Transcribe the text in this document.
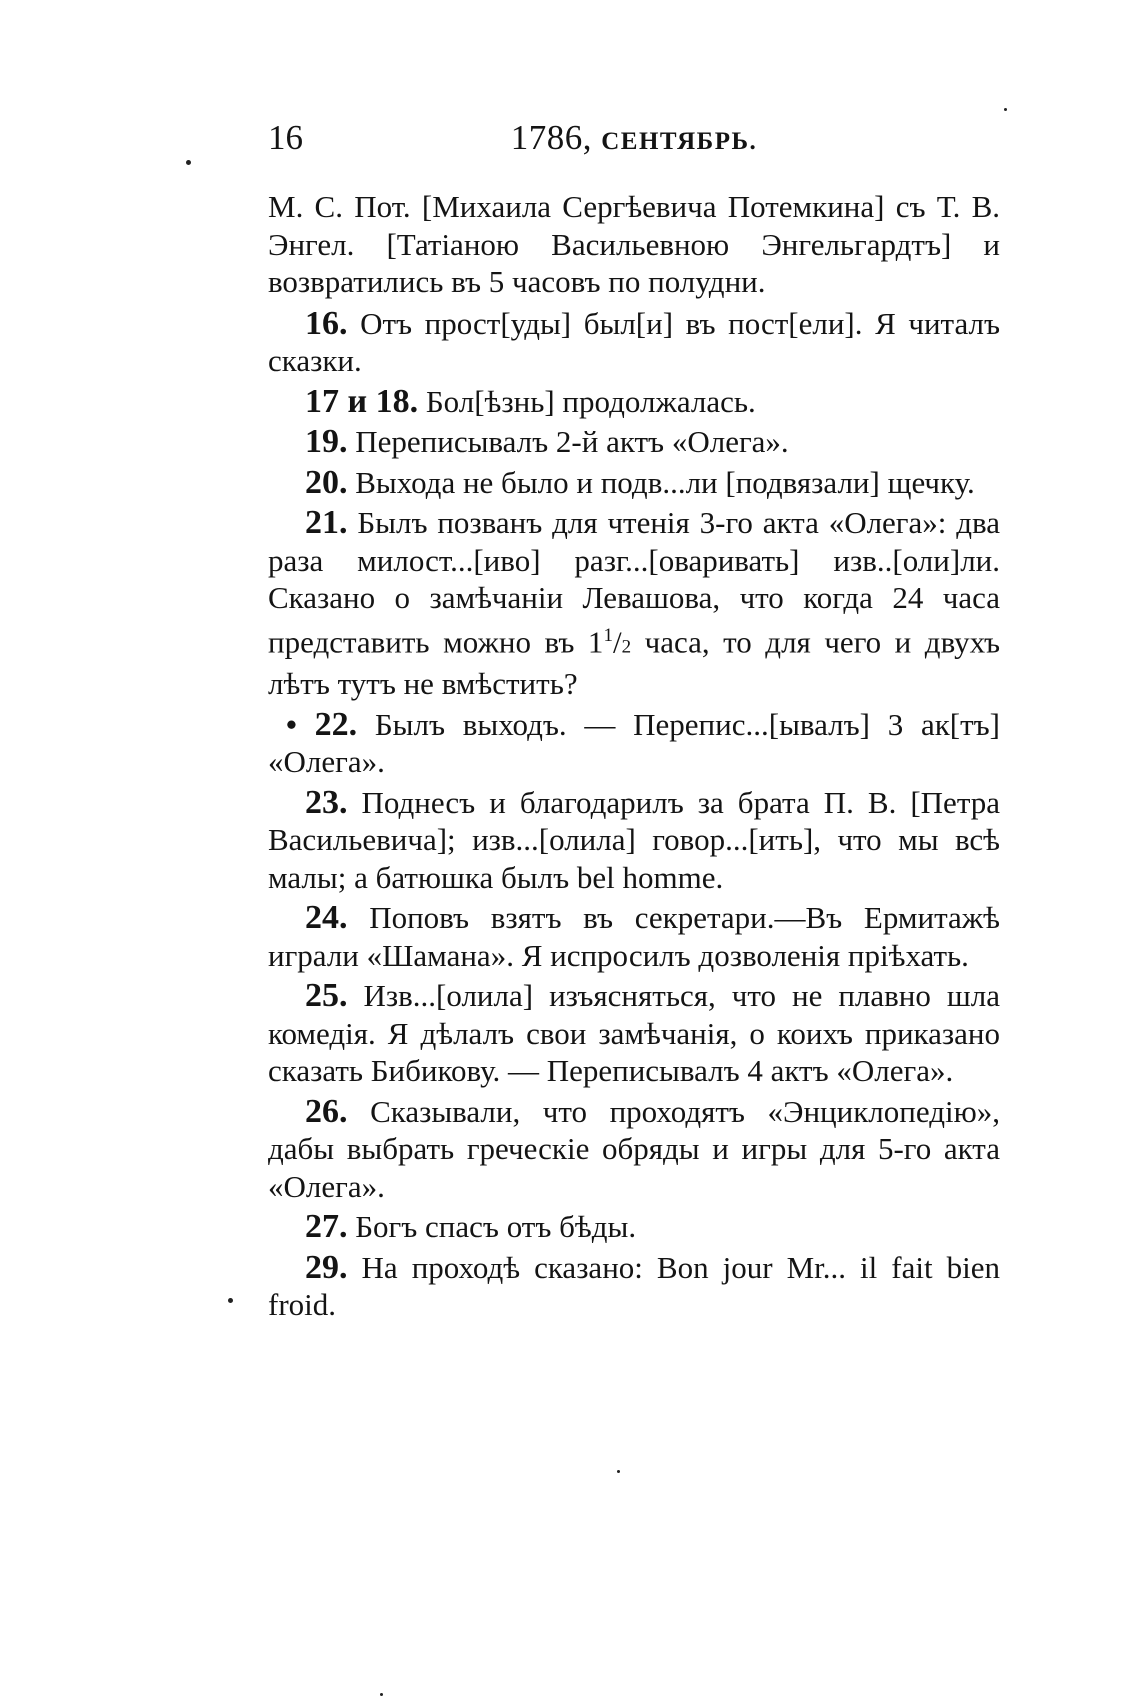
16	1786, СЕНТЯБРЬ.

М. С. Пот. [Михаила Сергѣевича Потемкина] съ Т. В. Энгел. [Татіаною Васильевною Энгельгардтъ] и возвратились въ 5 часовъ по полудни.

16. Отъ прост[уды] был[и] въ пост[ели]. Я читалъ сказки.

17 и 18. Бол[ѣзнь] продолжалась.

19. Переписывалъ 2-й актъ «Олега».

20. Выхода не было и подв...ли [подвязали] щечку.

21. Былъ позванъ для чтенія 3-го акта «Олега»: два раза милост...[иво] разг...[оваривать] изв..[оли]ли. Сказано о замѣчаніи Левашова, что когда 24 часа представить можно въ $1^1/2$ часа, то для чего и двухъ лѣтъ тутъ не вмѣстить?

• 22. Былъ выходъ. — Перепис...[ывалъ] 3 ак[тъ] «Олега».

23. Поднесъ и благодарилъ за брата П. В. [Петра Васильевича]; изв...[олила] говор...[ить], что мы всѣ малы; а батюшка былъ bel homme.

24. Поповъ взятъ въ секретари.—Въ Ермитажѣ играли «Шамана». Я испросилъ дозволенія пріѣхать.

25. Изв...[олила] изъясняться, что не плавно шла комедія. Я дѣлалъ свои замѣчанія, о коихъ приказано сказать Бибикову. — Переписывалъ 4 актъ «Олега».

26. Сказывали, что проходятъ «Энциклопедію», дабы выбрать греческіе обряды и игры для 5-го акта «Олега».

27. Богъ спасъ отъ бѣды.

29. На проходѣ сказано: Bon jour Mr... il fait bien froid.
